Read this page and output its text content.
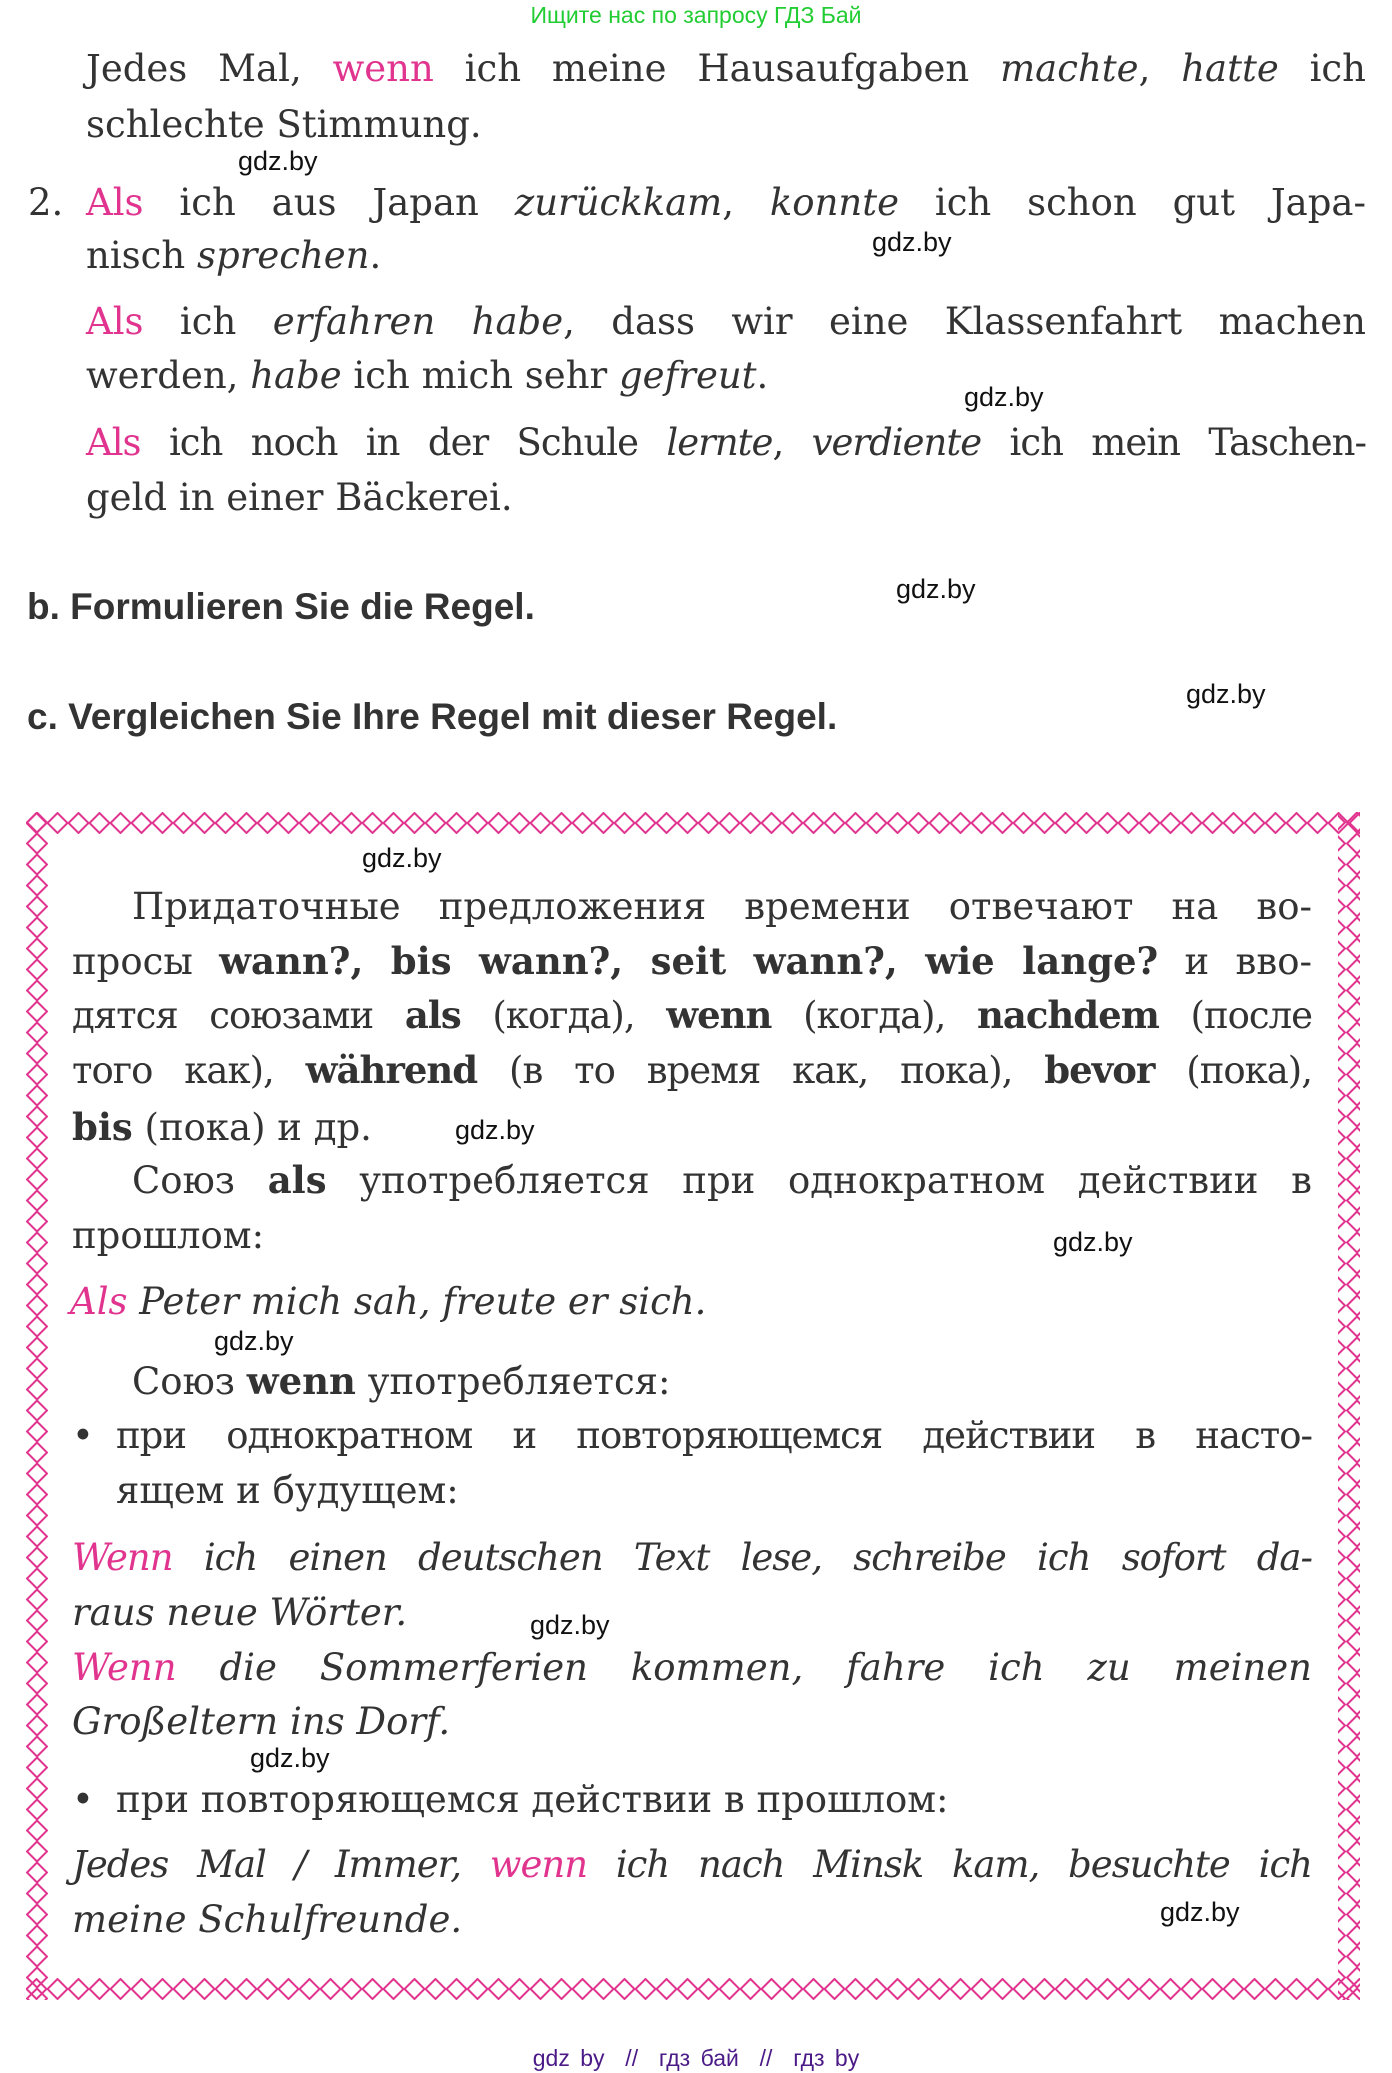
Ищите нас по запросу ГДЗ Бай
Jedes Mal, wenn ich meine Hausaufgaben machte, hatte ich
schlechte Stimmung.
gdz.by
2. Als ich aus Japan zurückkam, konnte ich schon gut Japa-
nisch sprechen.	gdz.by
Als ich erfahren habe, dass wir eine Klassenfahrt machen
werden, habe ich mich sehr gefreut.	gdz.by
Als ich noch in der Schule lernte, verdiente ich mein Taschen-
geld in einer Bäckerei.
b. Formulieren Sie die Regel.	gdz.by
c. Vergleichen Sie Ihre Regel mit dieser Regel.
gdz.by
gdz.by
Придаточные предложения времени отвечают на во-
просы wann?, bis wann?, seit wann?, wie lange? и вво-
дятся союзами als (когда), wenn (когда), nachdem (после
того как), während (в то время как, пока), bevor (пока),
bis (пока) и др.	gdz.by
Союз als употребляется при однократном действии в
прошлом:	gdz.by
Als Peter mich sah, freute er sich.
gdz.by
Союз wenn употребляется:
• при однократном и повторяющемся действии в насто-
ящем и будущем:
Wenn ich einen deutschen Text lese, schreibe ich sofort da-
raus neue Wörter.	gdz.by
Wenn die Sommerferien kommen, fahre ich zu meinen
Großeltern ins Dorf.
gdz.by
• при повторяющемся действии в прошлом:
Jedes Mal / Immer, wenn ich nach Minsk kam, besuchte ich
meine Schulfreunde.	gdz.by
gdz by  //  гдз бай  //  гдз by
